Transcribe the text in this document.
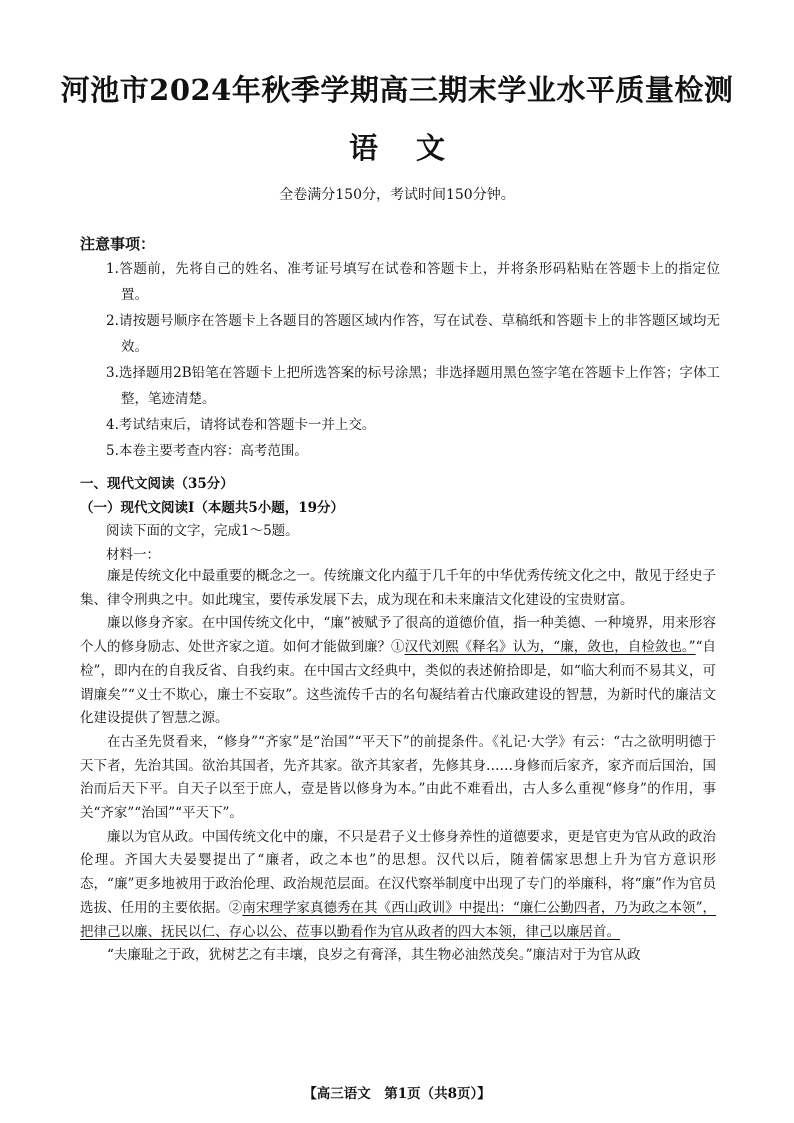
河池市2024年秋季学期高三期末学业水平质量检测
语文
全卷满分150分，考试时间150分钟。
注意事项：
1.答题前，先将自己的姓名、准考证号填写在试卷和答题卡上，并将条形码粘贴在答题卡上的指定位置。
2.请按题号顺序在答题卡上各题目的答题区域内作答，写在试卷、草稿纸和答题卡上的非答题区域均无效。
3.选择题用2B铅笔在答题卡上把所选答案的标号涂黑；非选择题用黑色签字笔在答题卡上作答；字体工整，笔迹清楚。
4.考试结束后，请将试卷和答题卡一并上交。
5.本卷主要考查内容：高考范围。
一、现代文阅读（35分）
（一）现代文阅读Ⅰ（本题共5小题，19分）
阅读下面的文字，完成1～5题。
材料一：

廉是传统文化中最重要的概念之一。传统廉文化内蕴于几千年的中华优秀传统文化之中，散见于经史子集、律令刑典之中。如此瑰宝，要传承发展下去，成为现在和未来廉洁文化建设的宝贵财富。

廉以修身齐家。在中国传统文化中，“廉”被赋予了很高的道德价值，指一种美德、一种境界，用来形容个人的修身励志、处世齐家之道。如何才能做到廉？①汉代刘熙《释名》认为，“廉，敛也，自检敛也。”“自检”，即内在的自我反省、自我约束。在中国古文经典中，类似的表述俯拾即是，如“临大利而不易其义，可谓廉矣”“义士不欺心，廉士不妄取”。这些流传千古的名句凝结着古代廉政建设的智慧，为新时代的廉洁文化建设提供了智慧之源。

在古圣先贤看来，“修身”“齐家”是“治国”“平天下”的前提条件。《礼记·大学》有云：“古之欲明明德于天下者，先治其国。欲治其国者，先齐其家。欲齐其家者，先修其身……身修而后家齐，家齐而后国治，国治而后天下平。自天子以至于庶人，壹是皆以修身为本。”由此不难看出，古人多么重视“修身”的作用，事关“齐家”“治国”“平天下”。

廉以为官从政。中国传统文化中的廉，不只是君子义士修身养性的道德要求，更是官吏为官从政的政治伦理。齐国大夫晏婴提出了“廉者，政之本也”的思想。汉代以后，随着儒家思想上升为官方意识形态，“廉”更多地被用于政治伦理、政治规范层面。在汉代察举制度中出现了专门的举廉科，将“廉”作为官员选拔、任用的主要依据。②南宋理学家真德秀在其《西山政训》中提出：“廉仁公勤四者，乃为政之本领”，把律己以廉、抚民以仁、存心以公、莅事以勤看作为官从政者的四大本领，律己以廉居首。

“夫廉耻之于政，犹树艺之有丰壤，良岁之有膏泽，其生物必油然茂矣。”廉洁对于为官从政

【高三语文　第1页（共8页）】
